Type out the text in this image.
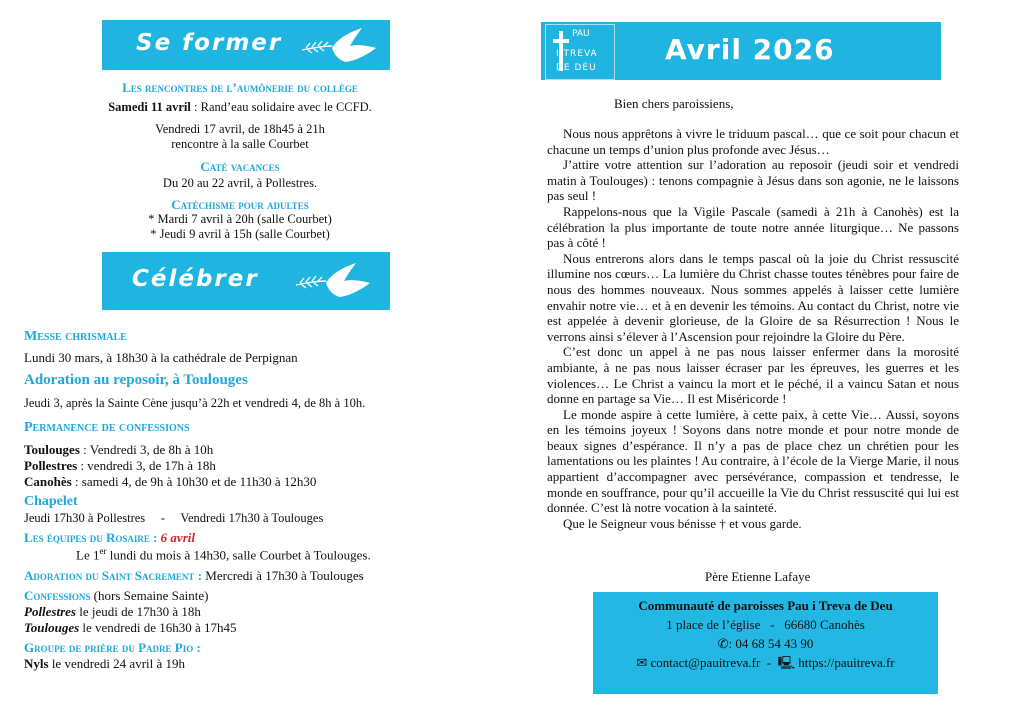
Se former
Les rencontres de l’aumônerie du collège
Samedi 11 avril : Rand’eau solidaire avec le CCFD.
Vendredi 17 avril, de 18h45 à 21h
rencontre à la salle Courbet
Caté vacances
Du 20 au 22 avril, à Pollestres.
Catéchisme pour adultes
* Mardi 7 avril à 20h (salle Courbet)
* Jeudi 9 avril à 15h (salle Courbet)
Célébrer
Messe chrismale
Lundi 30 mars, à 18h30 à la cathédrale de Perpignan
Adoration au reposoir, à Toulouges
Jeudi 3, après la Sainte Cène jusqu’à 22h et vendredi 4, de 8h à 10h.
Permanence de confessions
Toulouges : Vendredi 3, de 8h à 10h
Pollestres : vendredi 3, de 17h à 18h
Canohès : samedi 4, de 9h à 10h30 et de 11h30 à 12h30
Chapelet
Jeudi 17h30 à Pollestres     -     Vendredi 17h30 à Toulouges
Les équipes du Rosaire : 6 avril
Le 1er lundi du mois à 14h30, salle Courbet à Toulouges.
Adoration du Saint Sacrement : Mercredi à 17h30 à Toulouges
Confessions (hors Semaine Sainte)
Pollestres le jeudi de 17h30 à 18h
Toulouges le vendredi de 16h30 à 17h45
Groupe de prière du Padre Pio :
Nyls le vendredi 24 avril à 19h
PAU
I TREVA
DE DÉU
Avril 2026
Bien chers paroissiens,

Nous nous apprêtons à vivre le triduum pascal… que ce soit pour chacun et chacune un temps d’union plus profonde avec Jésus…

J’attire votre attention sur l’adoration au reposoir (jeudi soir et vendredi matin à Toulouges) : tenons compagnie à Jésus dans son agonie, ne le laissons pas seul !

Rappelons-nous que la Vigile Pascale (samedi à 21h à Canohès) est la célébration la plus importante de toute notre année liturgique… Ne passons pas à côté !

Nous entrerons alors dans le temps pascal où la joie du Christ ressuscité illumine nos cœurs… La lumière du Christ chasse toutes ténèbres pour faire de nous des hommes nouveaux. Nous sommes appelés à laisser cette lumière envahir notre vie… et à en devenir les témoins. Au contact du Christ, notre vie est appelée à devenir glorieuse, de la Gloire de sa Résurrection ! Nous le verrons ainsi s’élever à l’Ascension pour rejoindre la Gloire du Père.

C’est donc un appel à ne pas nous laisser enfermer dans la morosité ambiante, à ne pas nous laisser écraser par les épreuves, les guerres et les violences… Le Christ a vaincu la mort et le péché, il a vaincu Satan et nous donne en partage sa Vie… Il est Miséricorde !

Le monde aspire à cette lumière, à cette paix, à cette Vie… Aussi, soyons en les témoins joyeux ! Soyons dans notre monde et pour notre monde de beaux signes d’espérance. Il n’y a pas de place chez un chrétien pour les lamentations ou les plaintes ! Au contraire, à l’école de la Vierge Marie, il nous appartient d’accompagner avec persévérance, compassion et tendresse, le monde en souffrance, pour qu’il accueille la Vie du Christ ressuscité qui lui est donnée. C’est là notre vocation à la sainteté.

Que le Seigneur vous bénisse † et vous garde.

Père Etienne Lafaye
Communauté de paroisses Pau i Treva de Deu
1 place de l’église   -   66680 Canohès
✆: 04 68 54 43 90
✉ contact@pauitreva.fr  -  🖳 https://pauitreva.fr
